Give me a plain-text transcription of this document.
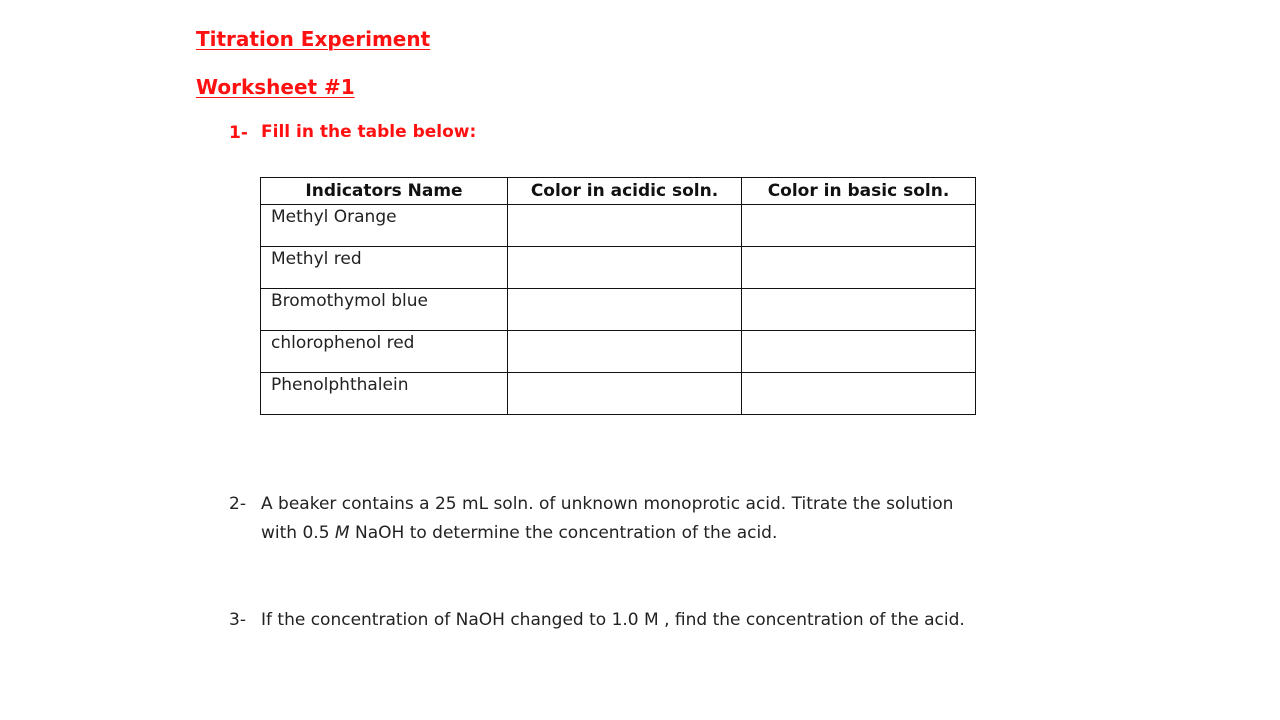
Titration Experiment
Worksheet #1
1- Fill in the table below:
Indicators Name	Color in acidic soln.	Color in basic soln.
Methyl Orange		
Methyl red		
Bromothymol blue		
chlorophenol red		
Phenolphthalein		
2- A beaker contains a 25 mL soln. of unknown monoprotic acid. Titrate the solution with 0.5 M NaOH to determine the concentration of the acid.
3- If the concentration of NaOH changed to 1.0 M , find the concentration of the acid.
